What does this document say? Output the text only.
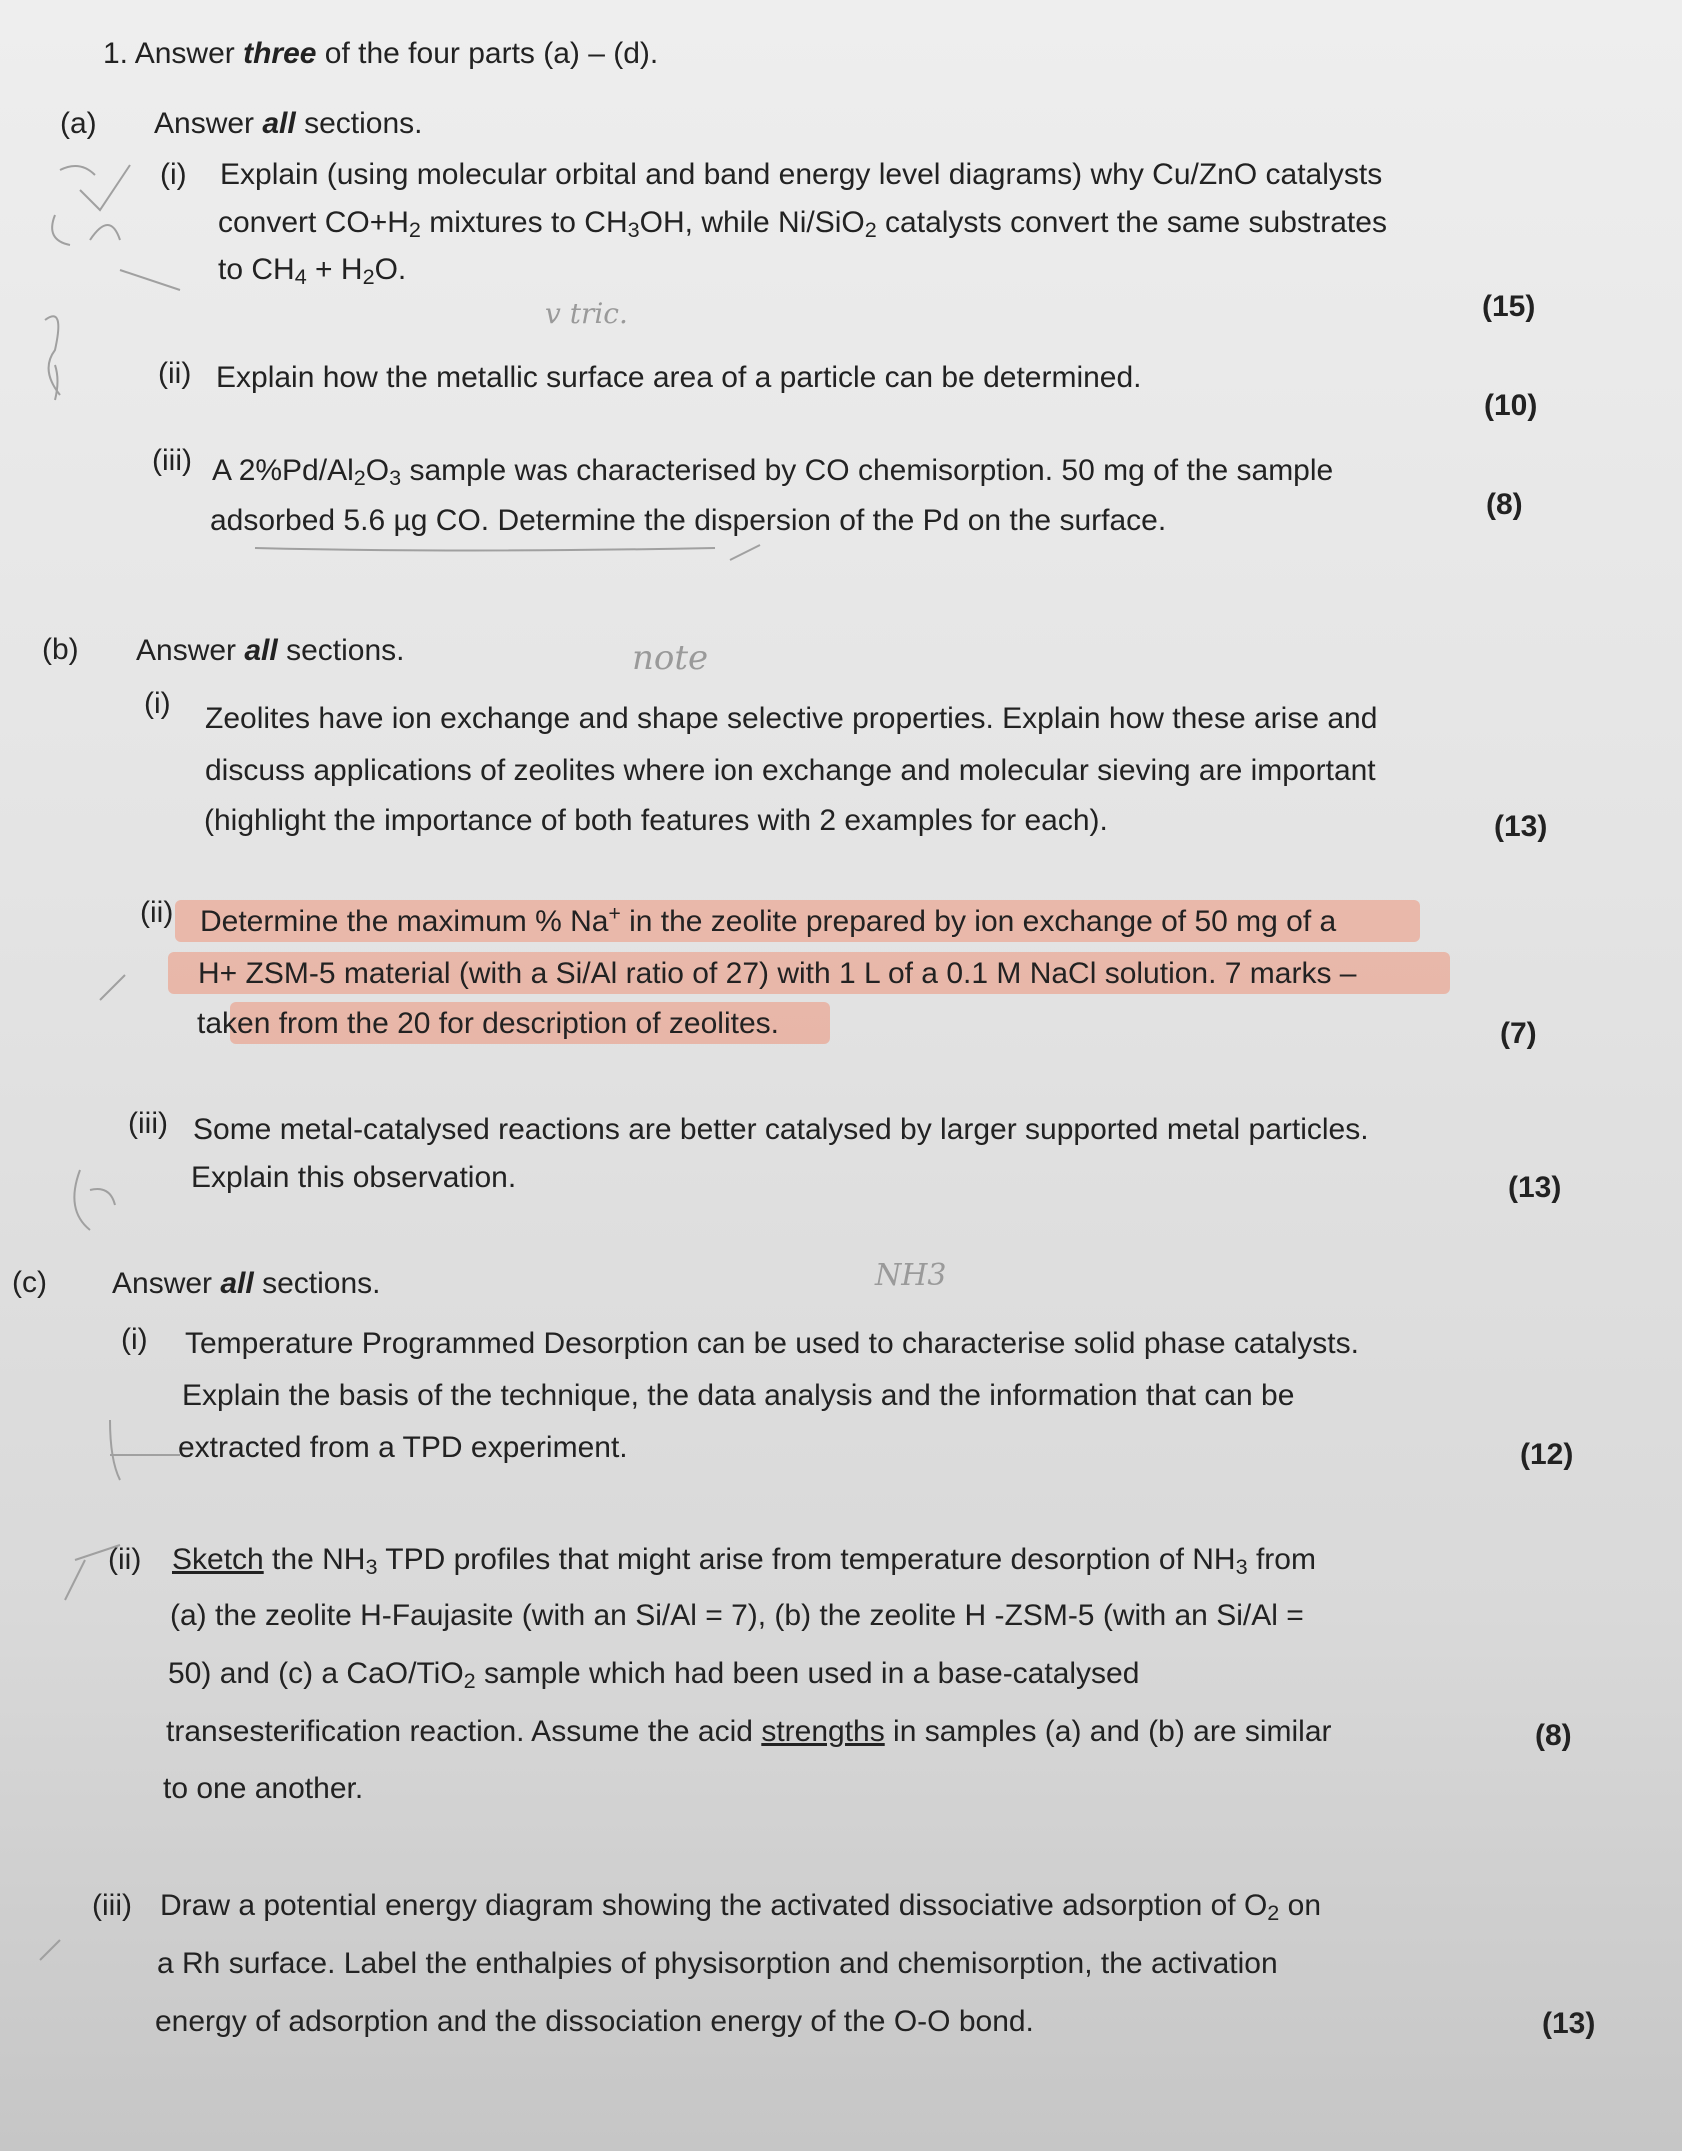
v tric.
note
NH3
1. Answer three of the four parts (a) – (d).
(a) Answer all sections.
(i) Explain (using molecular orbital and band energy level diagrams) why Cu/ZnO catalysts
convert $CO+H_2$ mixtures to $CH_3OH$, while Ni/SiO$_2$ catalysts convert the same substrates
to $CH_4 + H_2O$.
(15)
(ii) Explain how the metallic surface area of a particle can be determined.
(10)
(iii) A $2\%Pd/Al_2O_3$ sample was characterised by CO chemisorption. 50 mg of the sample
adsorbed 5.6 µg CO. Determine the dispersion of the Pd on the surface.	(8)
(b) Answer all sections.
(i) Zeolites have ion exchange and shape selective properties. Explain how these arise and
discuss applications of zeolites where ion exchange and molecular sieving are important
(highlight the importance of both features with 2 examples for each).	(13)
(ii) Determine the maximum % Na+ in the zeolite prepared by ion exchange of 50 mg of a
H+ ZSM-5 material (with a Si/Al ratio of 27) with 1 L of a 0.1 M NaCl solution. 7 marks –
taken from the 20 for description of zeolites.	(7)
(iii) Some metal-catalysed reactions are better catalysed by larger supported metal particles.
Explain this observation.	(13)
(c) Answer all sections.
(i) Temperature Programmed Desorption can be used to characterise solid phase catalysts.
Explain the basis of the technique, the data analysis and the information that can be
extracted from a TPD experiment.	(12)
(ii) Sketch the $NH_3$ TPD profiles that might arise from temperature desorption of $NH_3$ from
(a) the zeolite H-Faujasite (with an Si/Al = 7), (b) the zeolite H -ZSM-5 (with an Si/Al =
50) and (c) a CaO/TiO$_2$ sample which had been used in a base-catalysed
transesterification reaction. Assume the acid strengths in samples (a) and (b) are similar
to one another.
(8)
(iii) Draw a potential energy diagram showing the activated dissociative adsorption of $O_2$ on
a Rh surface. Label the enthalpies of physisorption and chemisorption, the activation
energy of adsorption and the dissociation energy of the O-O bond.	(13)
